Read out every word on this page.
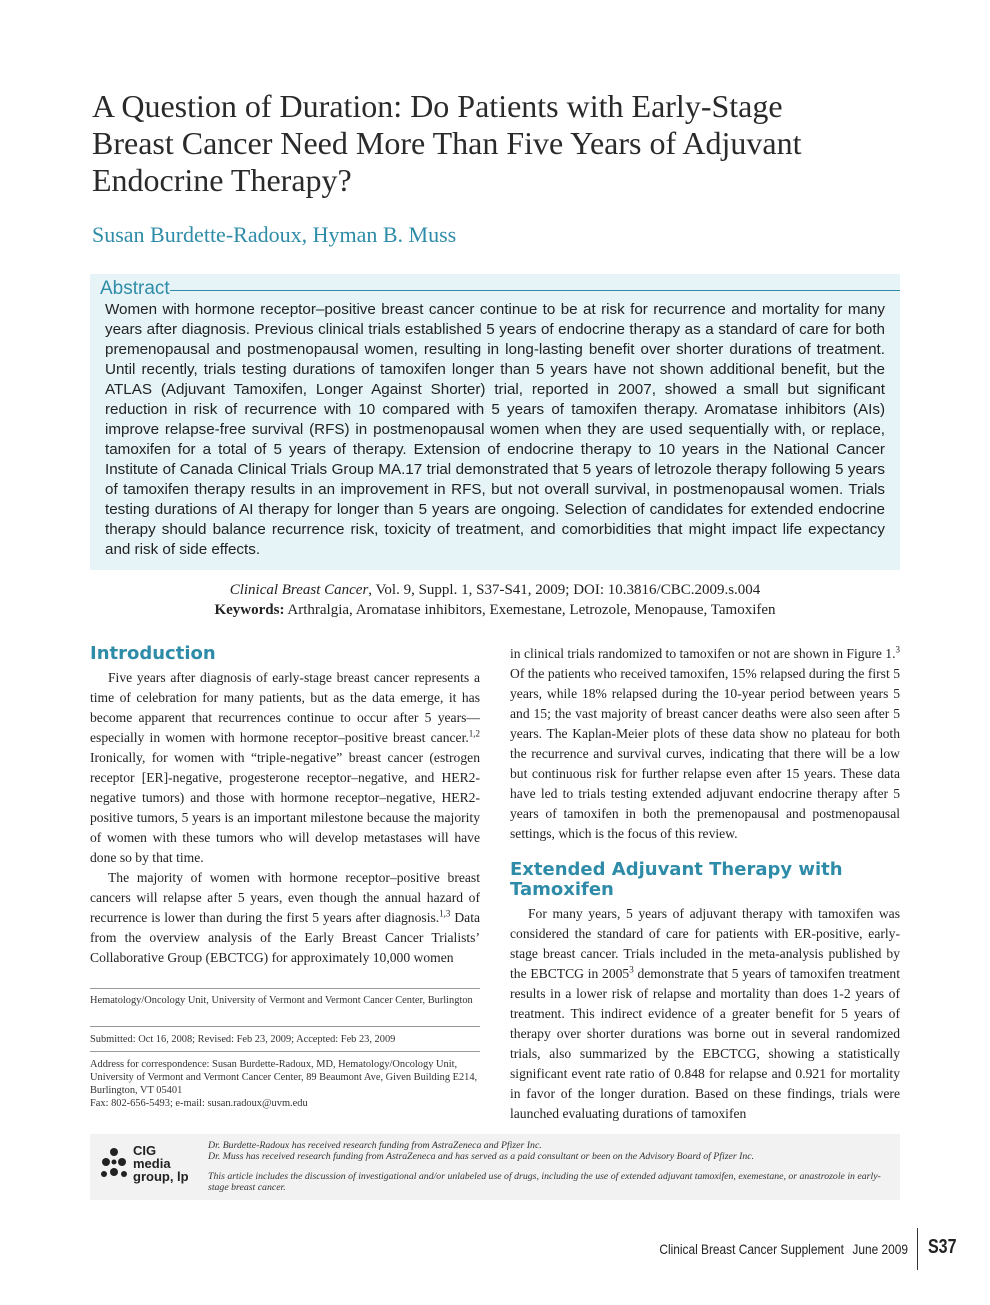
A Question of Duration: Do Patients with Early-Stage Breast Cancer Need More Than Five Years of Adjuvant Endocrine Therapy?
Susan Burdette-Radoux, Hyman B. Muss
Abstract

Women with hormone receptor–positive breast cancer continue to be at risk for recurrence and mortality for many years after diagnosis. Previous clinical trials established 5 years of endocrine therapy as a standard of care for both premenopausal and postmenopausal women, resulting in long-lasting benefit over shorter durations of treatment. Until recently, trials testing durations of tamoxifen longer than 5 years have not shown additional benefit, but the ATLAS (Adjuvant Tamoxifen, Longer Against Shorter) trial, reported in 2007, showed a small but significant reduction in risk of recurrence with 10 compared with 5 years of tamoxifen therapy. Aromatase inhibitors (AIs) improve relapse-free survival (RFS) in postmenopausal women when they are used sequentially with, or replace, tamoxifen for a total of 5 years of therapy. Extension of endocrine therapy to 10 years in the National Cancer Institute of Canada Clinical Trials Group MA.17 trial demonstrated that 5 years of letrozole therapy following 5 years of tamoxifen therapy results in an improvement in RFS, but not overall survival, in postmenopausal women. Trials testing durations of AI therapy for longer than 5 years are ongoing. Selection of candidates for extended endocrine therapy should balance recurrence risk, toxicity of treatment, and comorbidities that might impact life expectancy and risk of side effects.

Clinical Breast Cancer, Vol. 9, Suppl. 1, S37-S41, 2009; DOI: 10.3816/CBC.2009.s.004
Keywords: Arthralgia, Aromatase inhibitors, Exemestane, Letrozole, Menopause, Tamoxifen
Introduction

Five years after diagnosis of early-stage breast cancer represents a time of celebration for many patients, but as the data emerge, it has become apparent that recurrences continue to occur after 5 years—especially in women with hormone receptor–positive breast cancer.$^{1,2}$ Ironically, for women with “triple-negative” breast cancer (estrogen receptor [ER]-negative, progesterone receptor–negative, and HER2-negative tumors) and those with hormone receptor–negative, HER2-positive tumors, 5 years is an important milestone because the majority of women with these tumors who will develop metastases will have done so by that time.

The majority of women with hormone receptor–positive breast cancers will relapse after 5 years, even though the annual hazard of recurrence is lower than during the first 5 years after diagnosis.$^{1,3}$ Data from the overview analysis of the Early Breast Cancer Trialists’ Collaborative Group (EBCTCG) for approximately 10,000 women

in clinical trials randomized to tamoxifen or not are shown in Figure 1.$^3$ Of the patients who received tamoxifen, 15% relapsed during the first 5 years, while 18% relapsed during the 10-year period between years 5 and 15; the vast majority of breast cancer deaths were also seen after 5 years. The Kaplan-Meier plots of these data show no plateau for both the recurrence and survival curves, indicating that there will be a low but continuous risk for further relapse even after 15 years. These data have led to trials testing extended adjuvant endocrine therapy after 5 years of tamoxifen in both the premenopausal and postmenopausal settings, which is the focus of this review.

Extended Adjuvant Therapy with Tamoxifen

For many years, 5 years of adjuvant therapy with tamoxifen was considered the standard of care for patients with ER-positive, early-stage breast cancer. Trials included in the meta-analysis published by the EBCTCG in 2005$^3$ demonstrate that 5 years of tamoxifen treatment results in a lower risk of relapse and mortality than does 1-2 years of treatment. This indirect evidence of a greater benefit for 5 years of therapy over shorter durations was borne out in several randomized trials, also summarized by the EBCTCG, showing a statistically significant event rate ratio of 0.848 for relapse and 0.921 for mortality in favor of the longer duration. Based on these findings, trials were launched evaluating durations of tamoxifen

Hematology/Oncology Unit, University of Vermont and Vermont Cancer Center, Burlington
Submitted: Oct 16, 2008; Revised: Feb 23, 2009; Accepted: Feb 23, 2009
Address for correspondence: Susan Burdette-Radoux, MD, Hematology/Oncology Unit, University of Vermont and Vermont Cancer Center, 89 Beaumont Ave, Given Building E214, Burlington, VT 05401
Fax: 802-656-5493; e-mail: susan.radoux@uvm.edu
CIG
media
group, lp
Dr. Burdette-Radoux has received research funding from AstraZeneca and Pfizer Inc.
Dr. Muss has received research funding from AstraZeneca and has served as a paid consultant or been on the Advisory Board of Pfizer Inc.
This article includes the discussion of investigational and/or unlabeled use of drugs, including the use of extended adjuvant tamoxifen, exemestane, or anastrozole in early-stage breast cancer.
Clinical Breast Cancer Supplement June 2009 S37
